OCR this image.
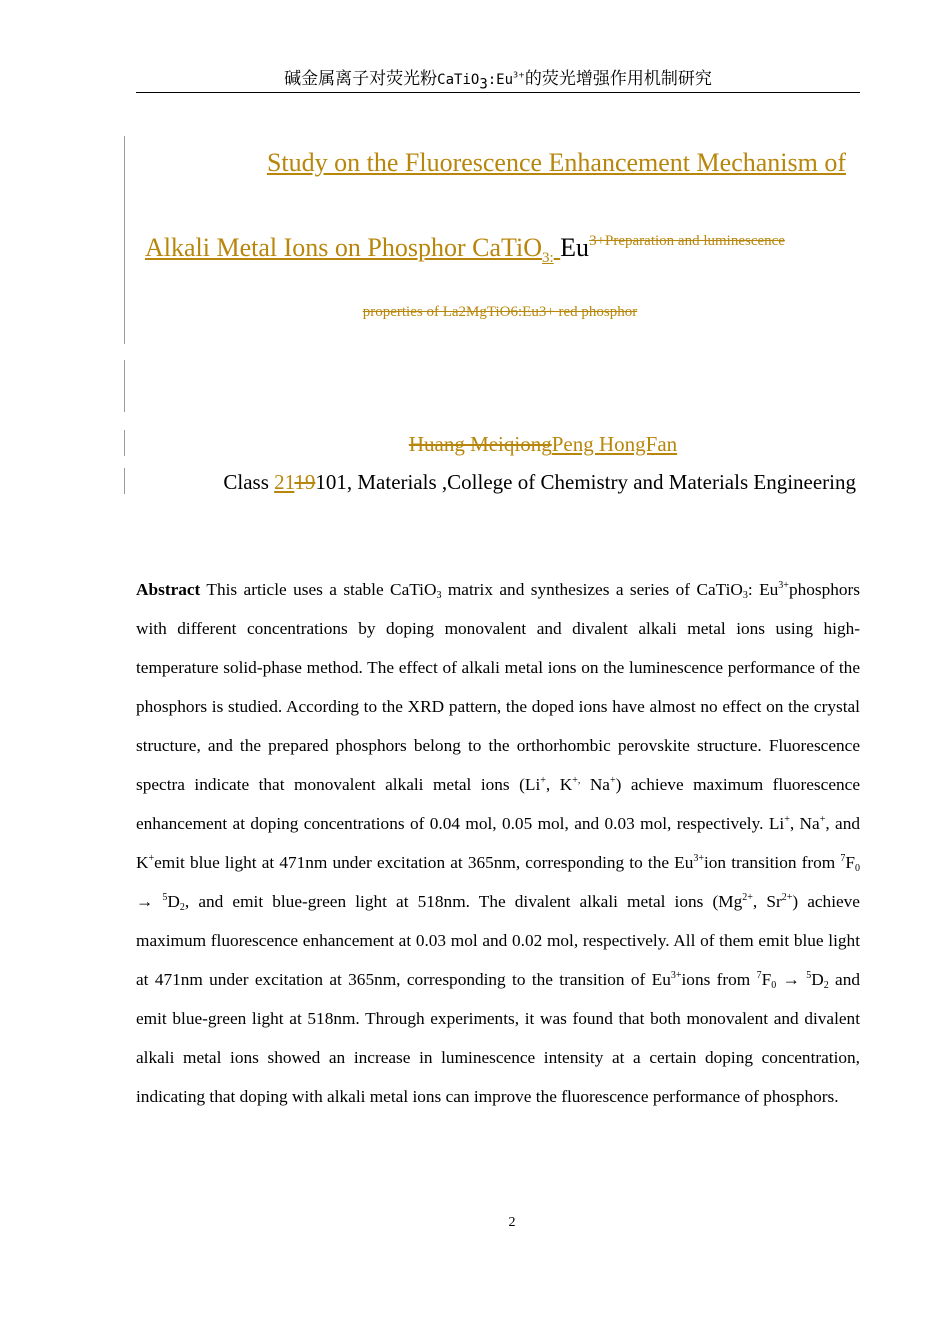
碱金属离子对荧光粉$CaTiO_3:Eu^{3+}$的荧光增强作用机制研究
Study on the Fluorescence Enhancement Mechanism of
Alkali Metal Ions on Phosphor CaTiO$_{3:}$ $Eu^{3+Preparation and luminescence}$
properties of La2MgTiO6:Eu3+ red phosphor
Huang MeiqiongPeng HongFan
Class 2119101, Materials ,College of Chemistry and Materials Engineering
Abstract This article uses a stable CaTiO$_3$ matrix and synthesizes a series of CaTiO$_3$: $Eu^{3+}phosphors$ with different concentrations by doping monovalent and divalent alkali metal ions using high-temperature solid-phase method. The effect of alkali metal ions on the luminescence performance of the phosphors is studied. According to the XRD pattern, the doped ions have almost no effect on the crystal structure, and the prepared phosphors belong to the orthorhombic perovskite structure. Fluorescence spectra indicate that monovalent alkali metal ions (Li+, K+, Na+) achieve maximum fluorescence enhancement at doping concentrations of 0.04 mol, 0.05 mol, and 0.03 mol, respectively. Li+, Na+, and K+emit blue light at 471nm under excitation at 365nm, corresponding to the $Eu^{3+}ion$ transition from $^7F_0 \to ^5D_2$, and emit blue-green light at 518nm. The divalent alkali metal ions ($Mg^{2+}$, $Sr^{2+}$) achieve maximum fluorescence enhancement at 0.03 mol and 0.02 mol, respectively. All of them emit blue light at 471nm under excitation at 365nm, corresponding to the transition of $Eu^{3+}ions$ from $^7F_0 \to ^5D_2$ and emit blue-green light at 518nm. Through experiments, it was found that both monovalent and divalent alkali metal ions showed an increase in luminescence intensity at a certain doping concentration, indicating that doping with alkali metal ions can improve the fluorescence performance of phosphors.
2
